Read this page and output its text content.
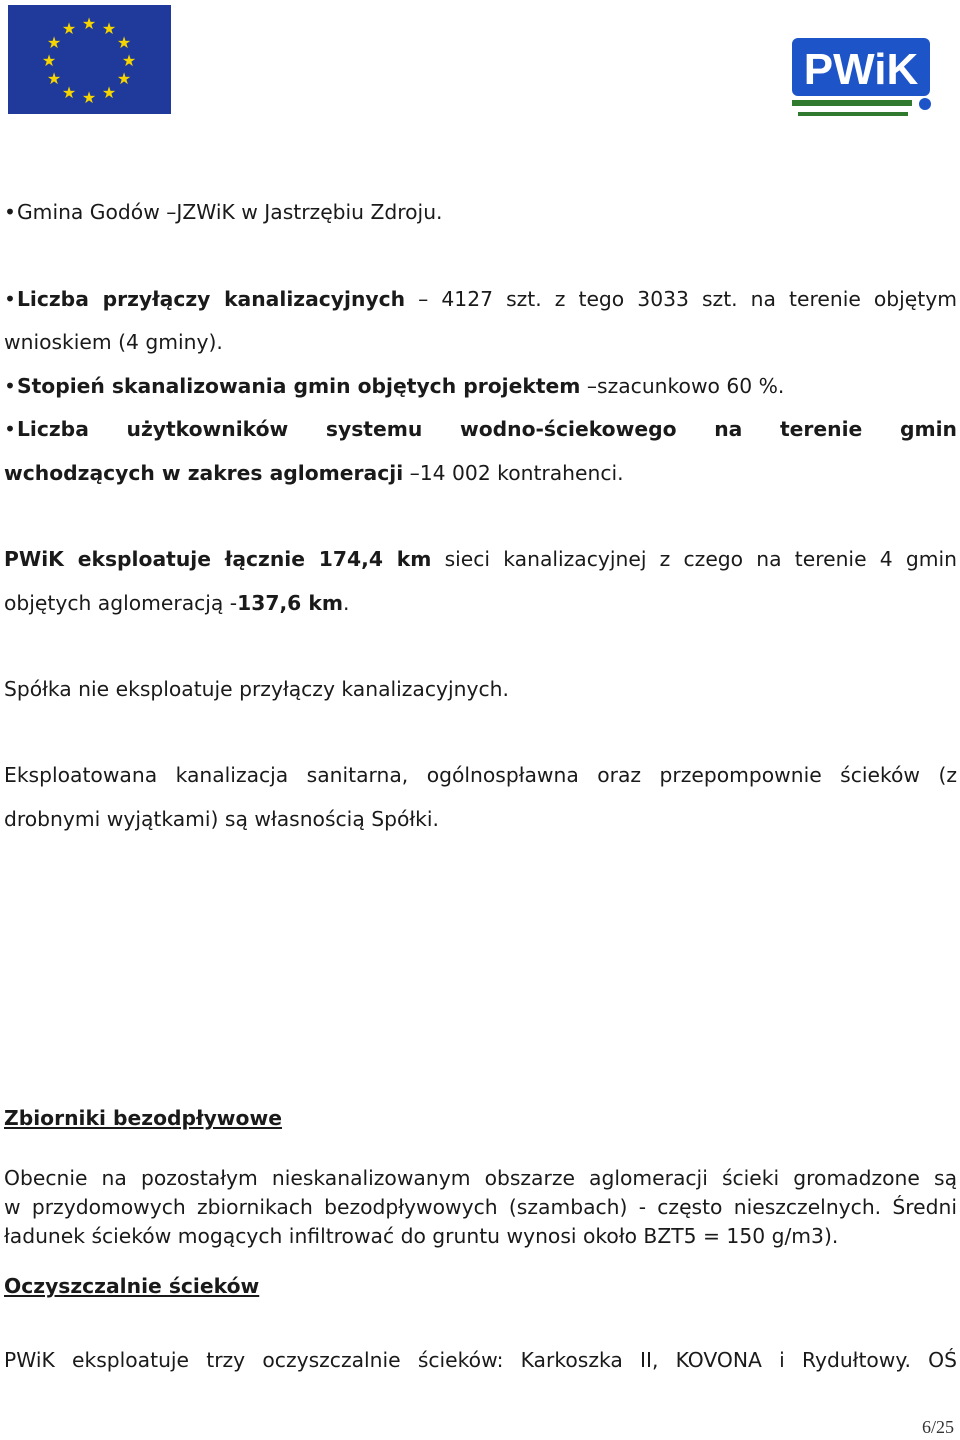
★ ★
★
★
★
★
★
★
★
★
★
★
Projekt „Ochrona wód dorzecza Górnej Odry w zlewni
oczyszczalni ścieków Karkoszka II w Wodzisławiu Śl.”
ubiega się o dofinansowanie z Funduszu Spójności w ramach
Programu Operacyjnego Infrastruktura i Środowisko
PWiK
• Gmina Godów –JZWiK w Jastrzębiu Zdroju.
• Liczba przyłączy kanalizacyjnych – 4127 szt. z tego 3033 szt. na terenie objętym
wnioskiem (4 gminy).
• Stopień skanalizowania gmin objętych projektem –szacunkowo 60 %.
• Liczba użytkowników systemu wodno-ściekowego na terenie gmin
wchodzących w zakres aglomeracji –14 002 kontrahenci.
PWiK eksploatuje łącznie 174,4 km sieci kanalizacyjnej z czego na terenie 4 gmin
objętych aglomeracją -137,6 km.
Spółka nie eksploatuje przyłączy kanalizacyjnych.
Eksploatowana kanalizacja sanitarna, ogólnospławna oraz przepompownie ścieków (z
drobnymi wyjątkami) są własnością Spółki.
Zbiorniki bezodpływowe
Obecnie na pozostałym nieskanalizowanym obszarze aglomeracji ścieki gromadzone są
w przydomowych zbiornikach bezodpływowych (szambach) - często nieszczelnych. Średni
ładunek ścieków mogących infiltrować do gruntu wynosi około BZT5 = 150 g/m3).
Oczyszczalnie ścieków
PWiK eksploatuje trzy oczyszczalnie ścieków: Karkoszka II, KOVONA i Rydułtowy. OŚ
6/25
